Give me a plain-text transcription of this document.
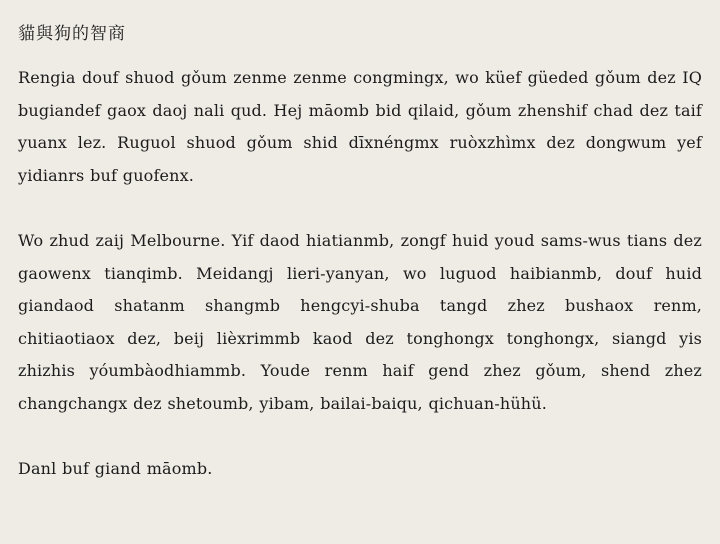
貓與狗的智商

Rengia douf shuod gǒum zenme zenme congmingx, wo küef güeded gǒum dez IQ bugiandef gaox daoj nali qud. Hej māomb bid qilaid, gǒum zhenshif chad dez taif yuanx lez. Ruguol shuod gǒum shid dīxnéngmx ruòxzhìmx dez dongwum yef yidianrs buf guofenx.

Wo zhud zaij Melbourne. Yif daod hiatianmb, zongf huid youd sams-wus tians dez gaowenx tianqimb. Meidangj lieri-yanyan, wo luguod haibianmb, douf huid giandaod shatanm shangmb hengcyi-shuba tangd zhez bushaox renm, chitiaotiaox dez, beij lièxrimmb kaod dez tonghongx tonghongx, siangd yis zhizhis yóumbàodhiammb. Youde renm haif gend zhez gǒum, shend zhez changchangx dez shetoumb, yibam, bailai-baiqu, qichuan-hühü.

Danl buf giand māomb.
